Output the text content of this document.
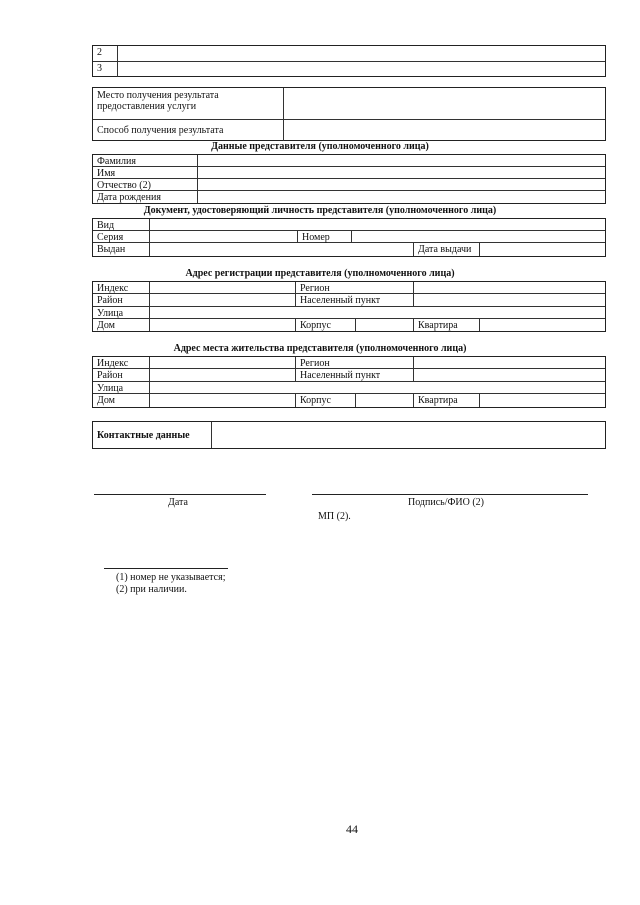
2
3
Место получения результата предоставления услуги
Способ получения результата
Данные представителя (уполномоченного лица)
Фамилия
Имя
Отчество (2)
Дата рождения
Документ, удостоверяющий личность представителя (уполномоченного лица)
Вид
Серия	Номер
Выдан	Дата выдачи
Адрес регистрации представителя (уполномоченного лица)
Индекс	Регион
Район	Населенный пункт
Улица
Дом	Корпус	Квартира
Адрес места жительства представителя (уполномоченного лица)
Индекс	Регион
Район	Населенный пункт
Улица
Дом	Корпус	Квартира
Контактные данные
Дата	Подпись/ФИО (2)
МП (2).
(1) номер не указывается;
(2) при наличии.
44
